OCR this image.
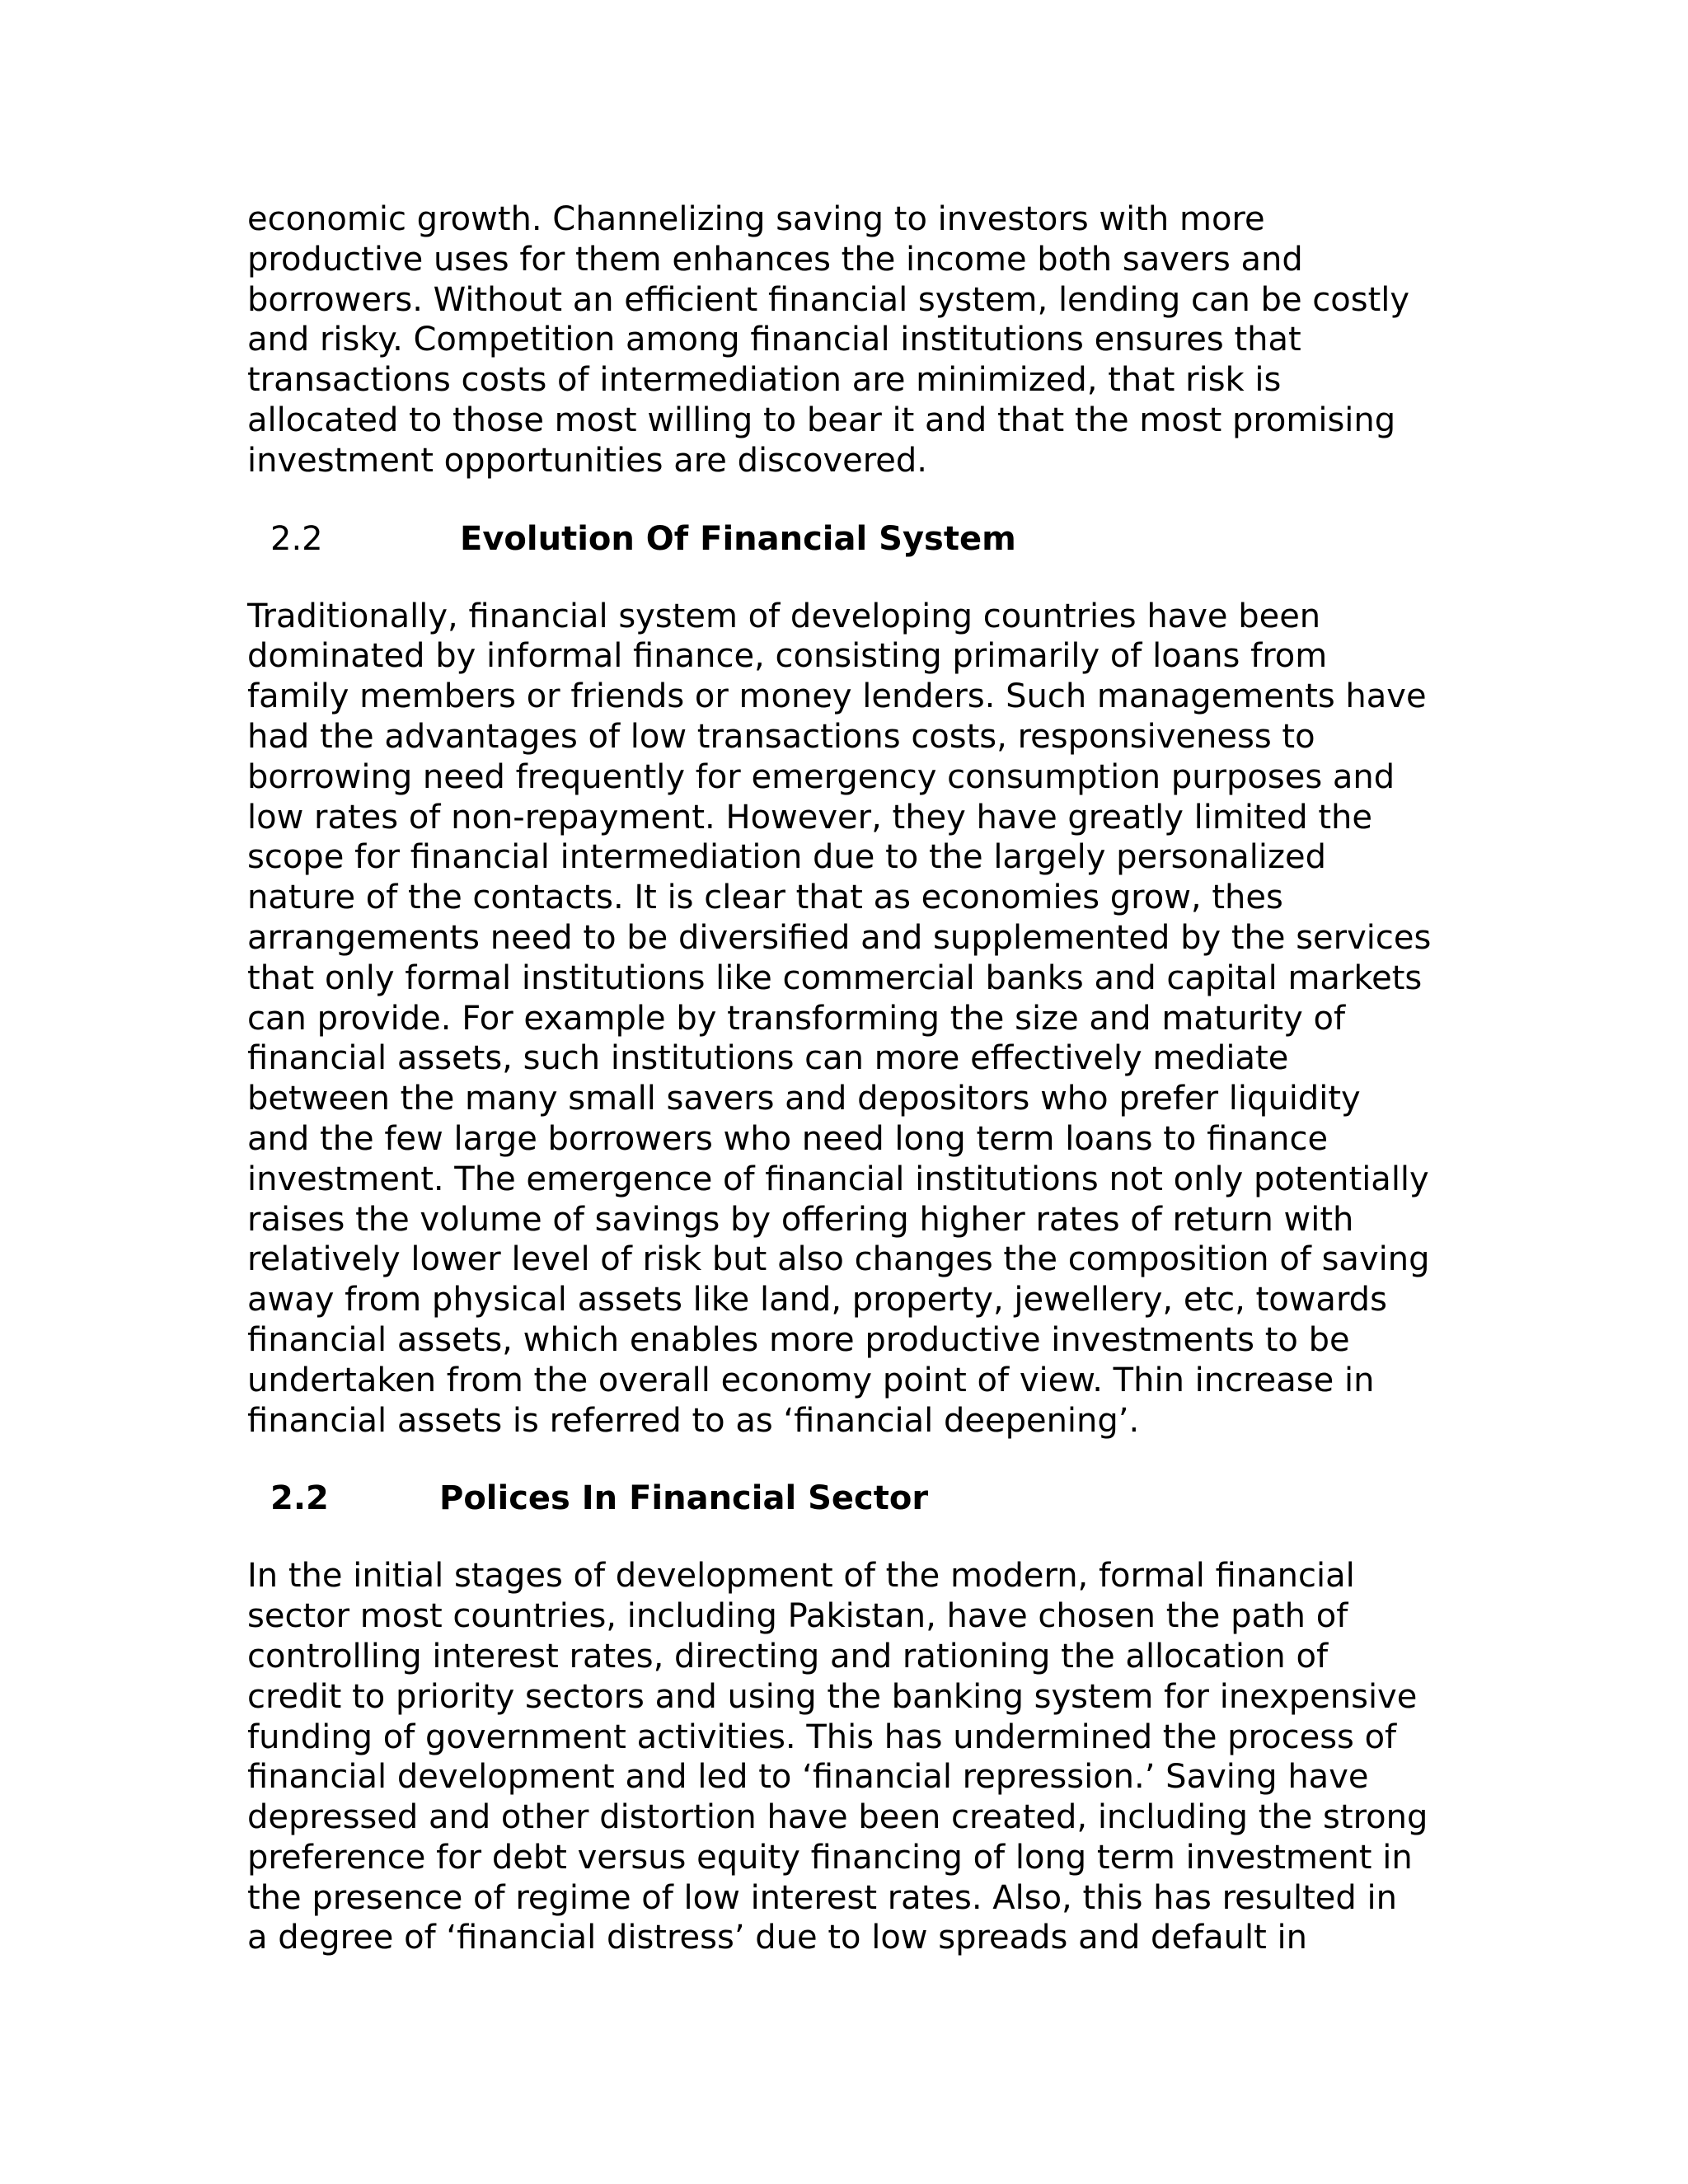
economic growth. Channelizing saving to investors with more
productive uses for them enhances the income both savers and
borrowers. Without an efficient financial system, lending can be costly
and risky. Competition among financial institutions ensures that
transactions costs of intermediation are minimized, that risk is
allocated to those most willing to bear it and that the most promising
investment opportunities are discovered.

2.2	Evolution Of Financial System

Traditionally, financial system of developing countries have been
dominated by informal finance, consisting primarily of loans from
family members or friends or money lenders. Such managements have
had the advantages of low transactions costs, responsiveness to
borrowing need frequently for emergency consumption purposes and
low rates of non-repayment. However, they have greatly limited the
scope for financial intermediation due to the largely personalized
nature of the contacts. It is clear that as economies grow, thes
arrangements need to be diversified and supplemented by the services
that only formal institutions like commercial banks and capital markets
can provide. For example by transforming the size and maturity of
financial assets, such institutions can more effectively mediate
between the many small savers and depositors who prefer liquidity
and the few large borrowers who need long term loans to finance
investment. The emergence of financial institutions not only potentially
raises the volume of savings by offering higher rates of return with
relatively lower level of risk but also changes the composition of saving
away from physical assets like land, property, jewellery, etc, towards
financial assets, which enables more productive investments to be
undertaken from the overall economy point of view. Thin increase in
financial assets is referred to as ‘financial deepening’.

2.2	Polices In Financial Sector

In the initial stages of development of the modern, formal financial
sector most countries, including Pakistan, have chosen the path of
controlling interest rates, directing and rationing the allocation of
credit to priority sectors and using the banking system for inexpensive
funding of government activities. This has undermined the process of
financial development and led to ‘financial repression.’ Saving have
depressed and other distortion have been created, including the strong
preference for debt versus equity financing of long term investment in
the presence of regime of low interest rates. Also, this has resulted in
a degree of ‘financial distress’ due to low spreads and default in
